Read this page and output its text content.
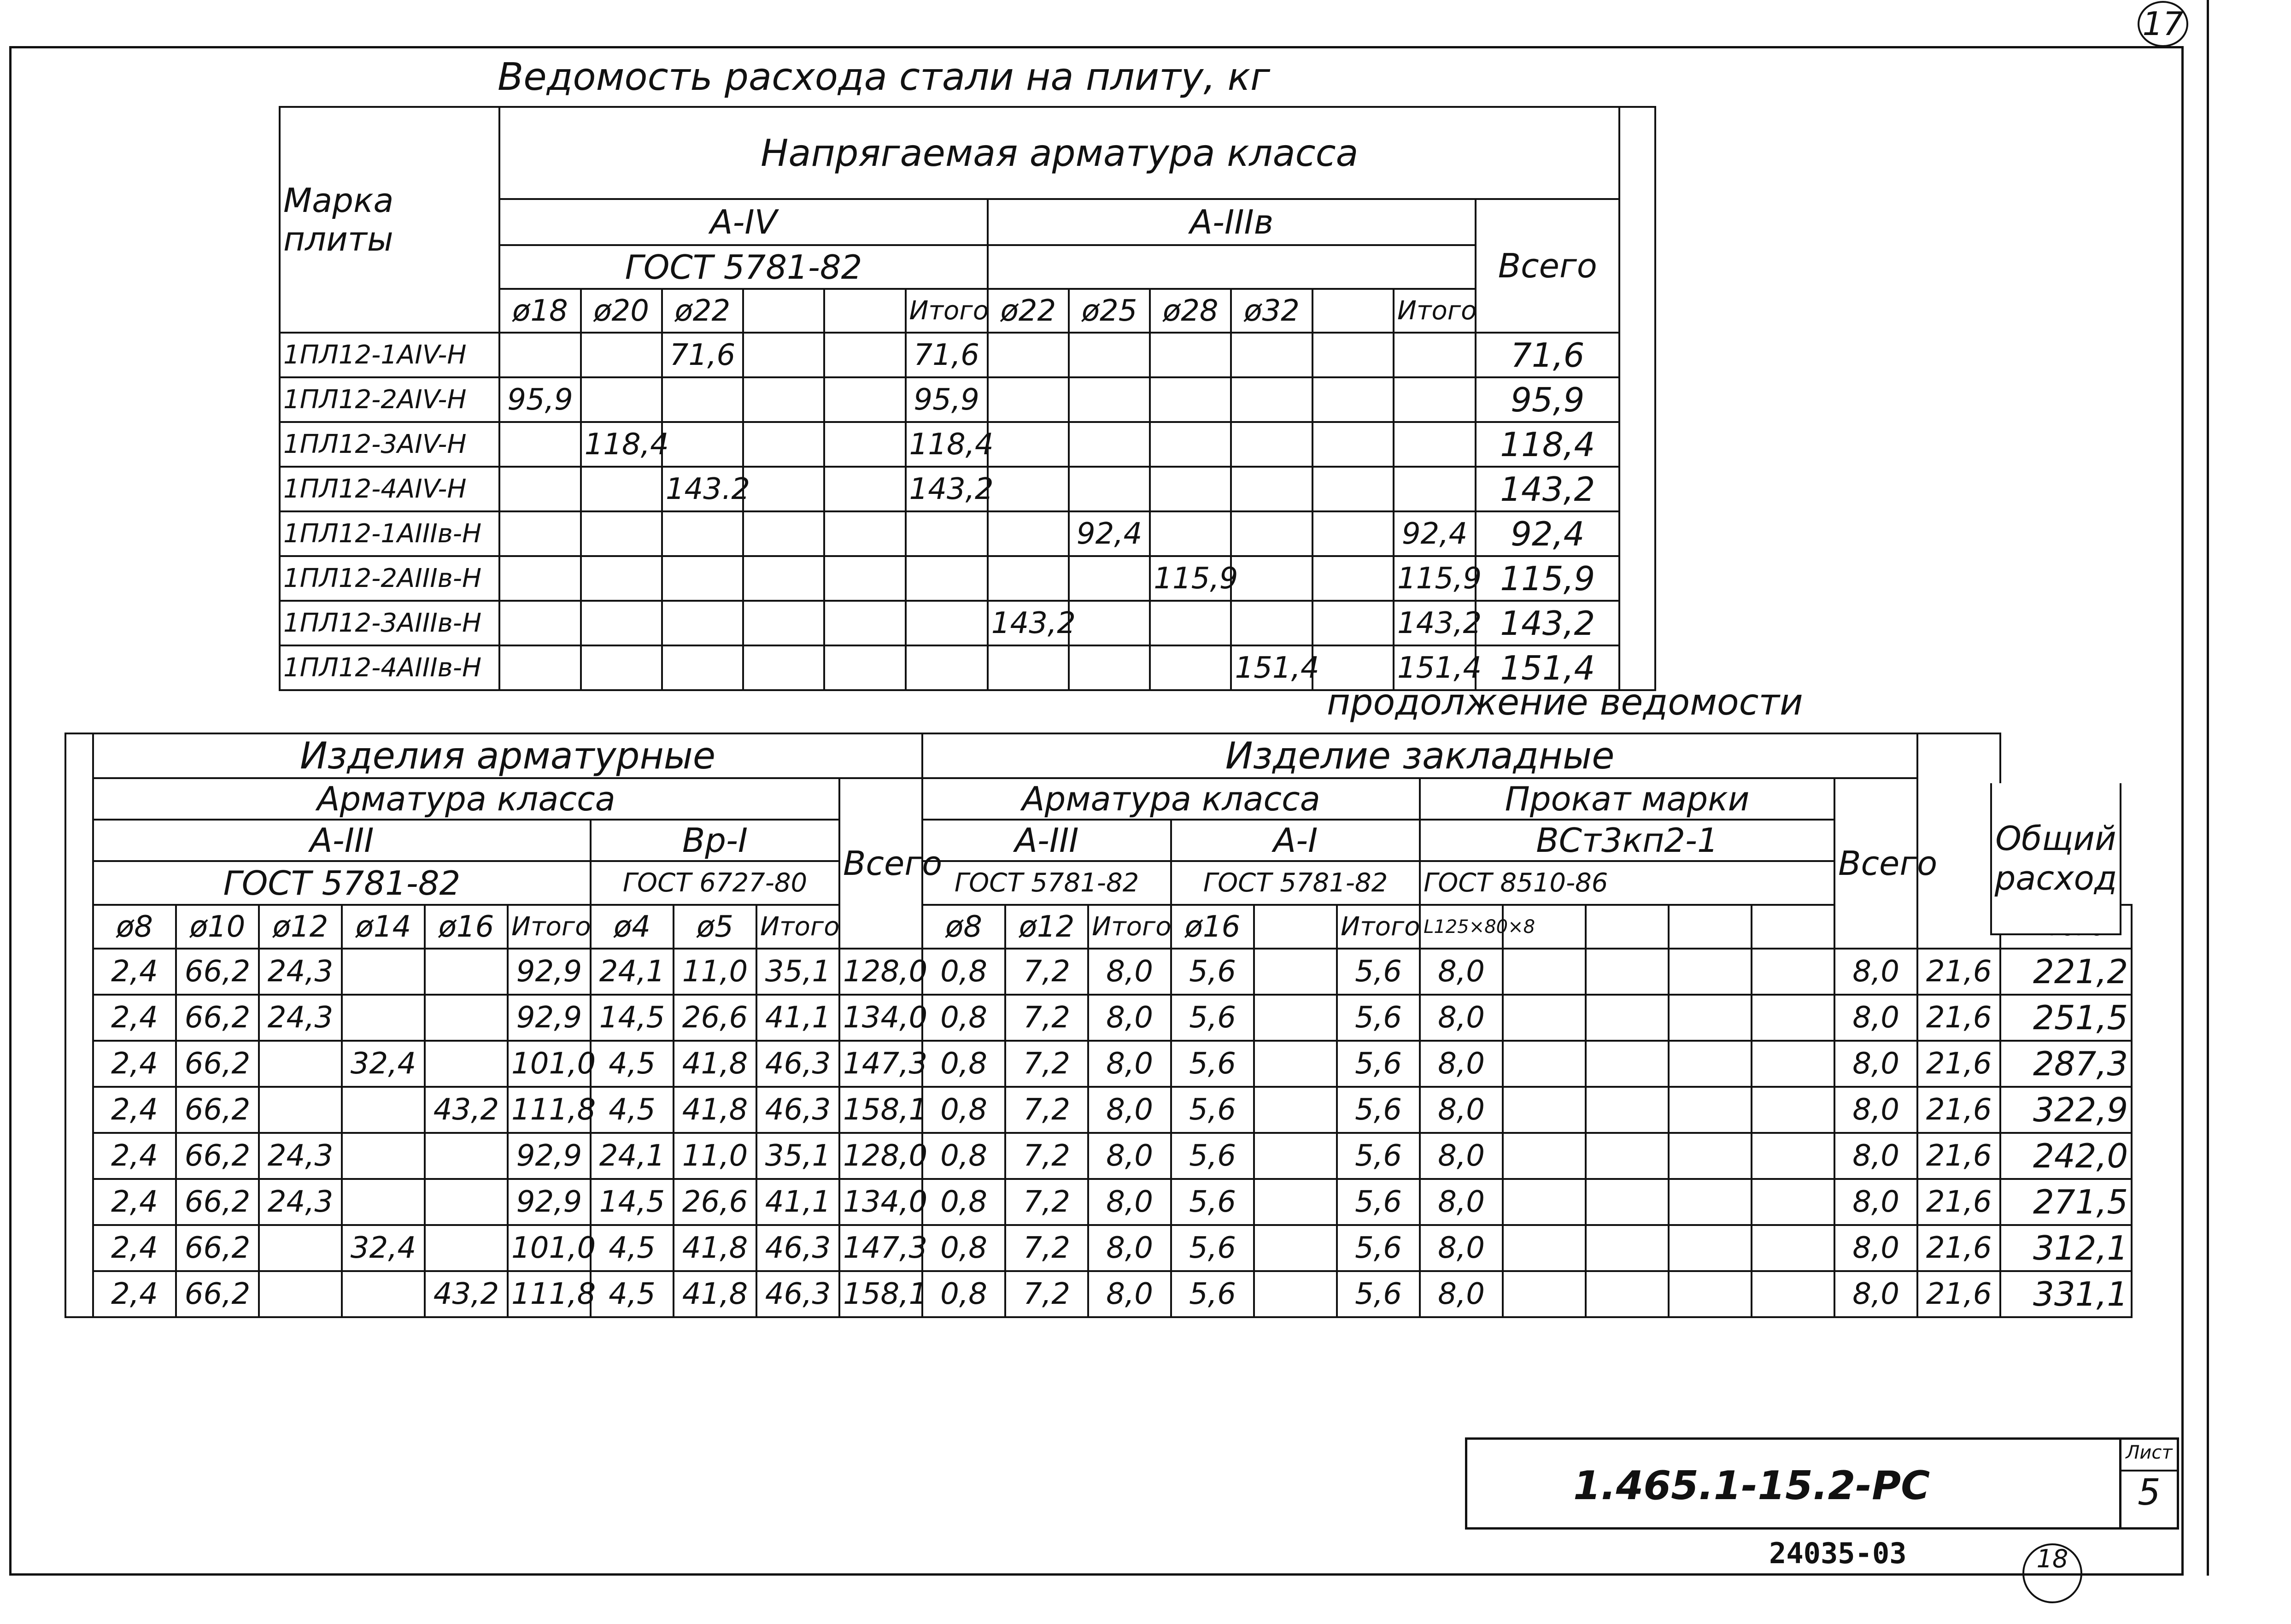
17
Ведомость расхода стали на плиту, кг
Марка плиты	Напрягаемая арматура класса													
	А-IV						А-IIIв						Всего	
	ГОСТ 5781-82													
	ø18	ø20	ø22			Итого	ø22	ø25	ø28	ø32		Итого		
1ПЛ12-1АIV-Н			71,6			71,6							71,6	
1ПЛ12-2АIV-Н	95,9					95,9							95,9	
1ПЛ12-3АIV-Н		118,4				118,4							118,4	
1ПЛ12-4АIV-Н			143.2			143,2							143,2	
1ПЛ12-1АIIIв-Н								92,4				92,4	92,4	
1ПЛ12-2АIIIв-Н									115,9			115,9	115,9	
1ПЛ12-3АIIIв-Н							143,2					143,2	143,2	
1ПЛ12-4АIIIв-Н										151,4		151,4	151,4	
продолжение ведомости
	Изделия арматурные										Изделие закладные													
	Арматура класса									Всего	Арматура класса						Прокат марки					Всего		
	А-III						Вр-I				А-III			А-I			ВСт3кп2-1							
	ГОСТ 5781-82						ГОСТ 6727-80				ГОСТ 5781-82			ГОСТ 5781-82			ГОСТ 8510-86							
	ø8	ø10	ø12	ø14	ø16	Итого	ø4	ø5	Итого		ø8	ø12	Итого	ø16		Итого	L125×80×8					
	2,4	66,2	24,3			92,9	24,1	11,0	35,1	128,0	0,8	7,2	8,0	5,6		5,6	8,0					8,0	21,6	221,2
	2,4	66,2	24,3			92,9	14,5	26,6	41,1	134,0	0,8	7,2	8,0	5,6		5,6	8,0					8,0	21,6	251,5
	2,4	66,2		32,4		101,0	4,5	41,8	46,3	147,3	0,8	7,2	8,0	5,6		5,6	8,0					8,0	21,6	287,3
	2,4	66,2			43,2	111,8	4,5	41,8	46,3	158,1	0,8	7,2	8,0	5,6		5,6	8,0					8,0	21,6	322,9
	2,4	66,2	24,3			92,9	24,1	11,0	35,1	128,0	0,8	7,2	8,0	5,6		5,6	8,0					8,0	21,6	242,0
	2,4	66,2	24,3			92,9	14,5	26,6	41,1	134,0	0,8	7,2	8,0	5,6		5,6	8,0					8,0	21,6	271,5
	2,4	66,2		32,4		101,0	4,5	41,8	46,3	147,3	0,8	7,2	8,0	5,6		5,6	8,0					8,0	21,6	312,1
	2,4	66,2			43,2	111,8	4,5	41,8	46,3	158,1	0,8	7,2	8,0	5,6		5,6	8,0					8,0	21,6	331,1
Общий расход
1.465.1-15.2-РС
Лист
5
24035-03	18
